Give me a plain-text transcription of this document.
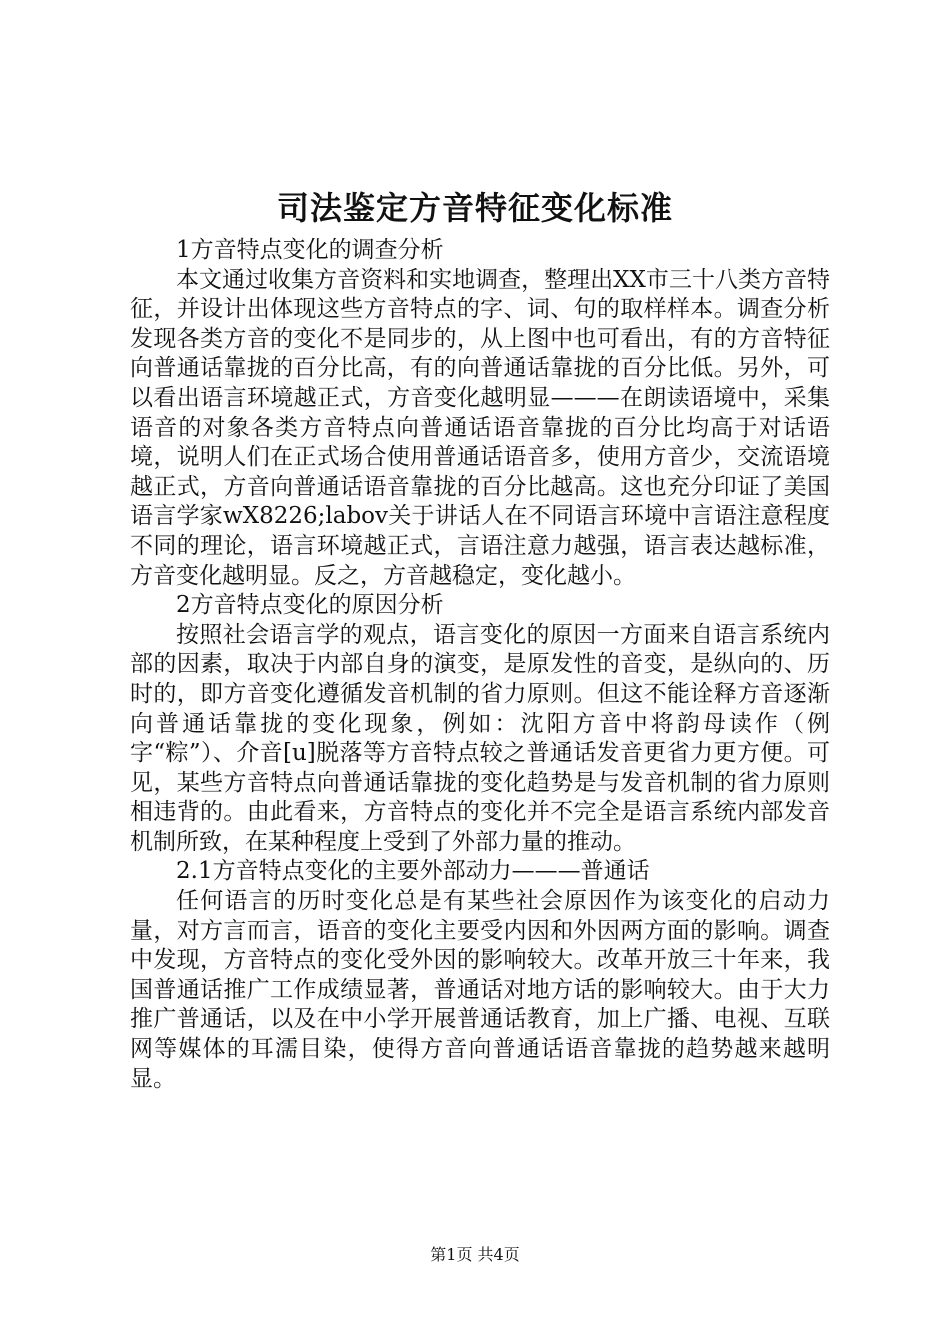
司法鉴定方音特征变化标准

1方音特点变化的调查分析

本文通过收集方音资料和实地调查，整理出XX市三十八类方音特征，并设计出体现这些方音特点的字、词、句的取样样本。调查分析发现各类方音的变化不是同步的，从上图中也可看出，有的方音特征向普通话靠拢的百分比高，有的向普通话靠拢的百分比低。另外，可以看出语言环境越正式，方音变化越明显———在朗读语境中，采集语音的对象各类方音特点向普通话语音靠拢的百分比均高于对话语境，说明人们在正式场合使用普通话语音多，使用方音少，交流语境越正式，方音向普通话语音靠拢的百分比越高。这也充分印证了美国语言学家wX8226;labov关于讲话人在不同语言环境中言语注意程度不同的理论，语言环境越正式，言语注意力越强，语言表达越标准，方音变化越明显。反之，方音越稳定，变化越小。

2方音特点变化的原因分析

按照社会语言学的观点，语言变化的原因一方面来自语言系统内部的因素，取决于内部自身的演变，是原发性的音变，是纵向的、历时的，即方音变化遵循发音机制的省力原则。但这不能诠释方音逐渐向普通话靠拢的变化现象，例如：沈阳方音中将韵母读作（例字“粽”）、介音[u]脱落等方音特点较之普通话发音更省力更方便。可见，某些方音特点向普通话靠拢的变化趋势是与发音机制的省力原则相违背的。由此看来，方音特点的变化并不完全是语言系统内部发音机制所致，在某种程度上受到了外部力量的推动。

2.1方音特点变化的主要外部动力———普通话

任何语言的历时变化总是有某些社会原因作为该变化的启动力量，对方言而言，语音的变化主要受内因和外因两方面的影响。调查中发现，方音特点的变化受外因的影响较大。改革开放三十年来，我国普通话推广工作成绩显著，普通话对地方话的影响较大。由于大力推广普通话，以及在中小学开展普通话教育，加上广播、电视、互联网等媒体的耳濡目染，使得方音向普通话语音靠拢的趋势越来越明显。

第1页 共4页
